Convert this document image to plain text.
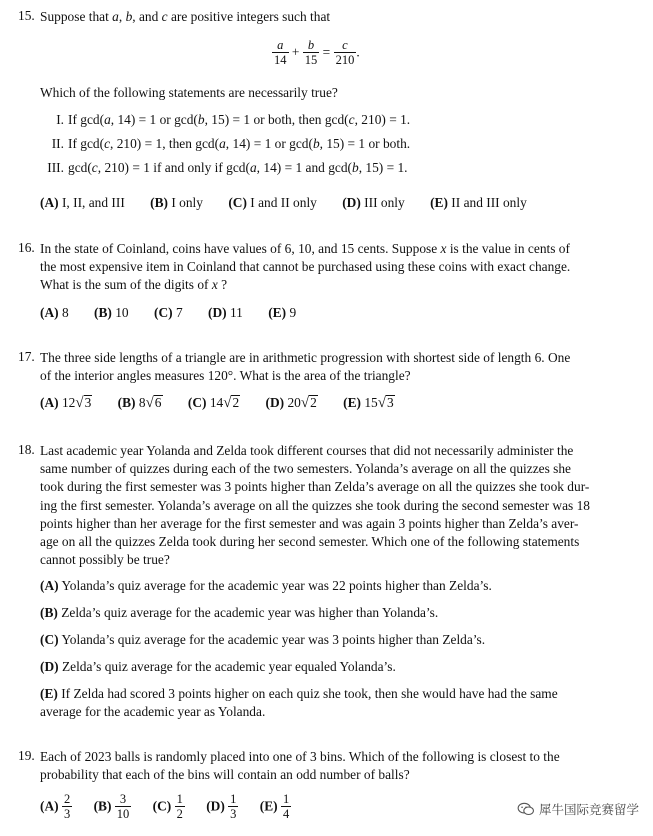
15. Suppose that a, b, and c are positive integers such that
$\frac{a}{14} + \frac{b}{15} = \frac{c}{210}$ .
Which of the following statements are necessarily true?
I. If gcd(a, 14) = 1 or gcd(b, 15) = 1 or both, then gcd(c, 210) = 1.
II. If gcd(c, 210) = 1, then gcd(a, 14) = 1 or gcd(b, 15) = 1 or both.
III. gcd(c, 210) = 1 if and only if gcd(a, 14) = 1 and gcd(b, 15) = 1.
(A) I, II, and III (B) I only (C) I and II only (D) III only (E) II and III only
16. In the state of Coinland, coins have values of 6, 10, and 15 cents. Suppose x is the value in cents of
the most expensive item in Coinland that cannot be purchased using these coins with exact change.
What is the sum of the digits of x ?
(A) 8 (B) 10 (C) 7 (D) 11 (E) 9
17. The three side lengths of a triangle are in arithmetic progression with shortest side of length 6. One
of the interior angles measures 120°. What is the area of the triangle?
(A) 12√3 (B) 8√6 (C) 14√2 (D) 20√2 (E) 15√3
18. Last academic year Yolanda and Zelda took different courses that did not necessarily administer the
same number of quizzes during each of the two semesters. Yolanda’s average on all the quizzes she
took during the first semester was 3 points higher than Zelda’s average on all the quizzes she took dur-
ing the first semester. Yolanda’s average on all the quizzes she took during the second semester was 18
points higher than her average for the first semester and was again 3 points higher than Zelda’s aver-
age on all the quizzes Zelda took during her second semester. Which one of the following statements
cannot possibly be true?
(A) Yolanda’s quiz average for the academic year was 22 points higher than Zelda’s.
(B) Zelda’s quiz average for the academic year was higher than Yolanda’s.
(C) Yolanda’s quiz average for the academic year was 3 points higher than Zelda’s.
(D) Zelda’s quiz average for the academic year equaled Yolanda’s.
(E) If Zelda had scored 3 points higher on each quiz she took, then she would have had the same
average for the academic year as Yolanda.
19. Each of 2023 balls is randomly placed into one of 3 bins. Which of the following is closest to the
probability that each of the bins will contain an odd number of balls?
$(A) \frac{2}{3} (B) \frac{3}{10} (C) \frac{1}{2} (D) \frac{1}{3} (E) \frac{1}{4}$	犀牛国际竞赛留学
